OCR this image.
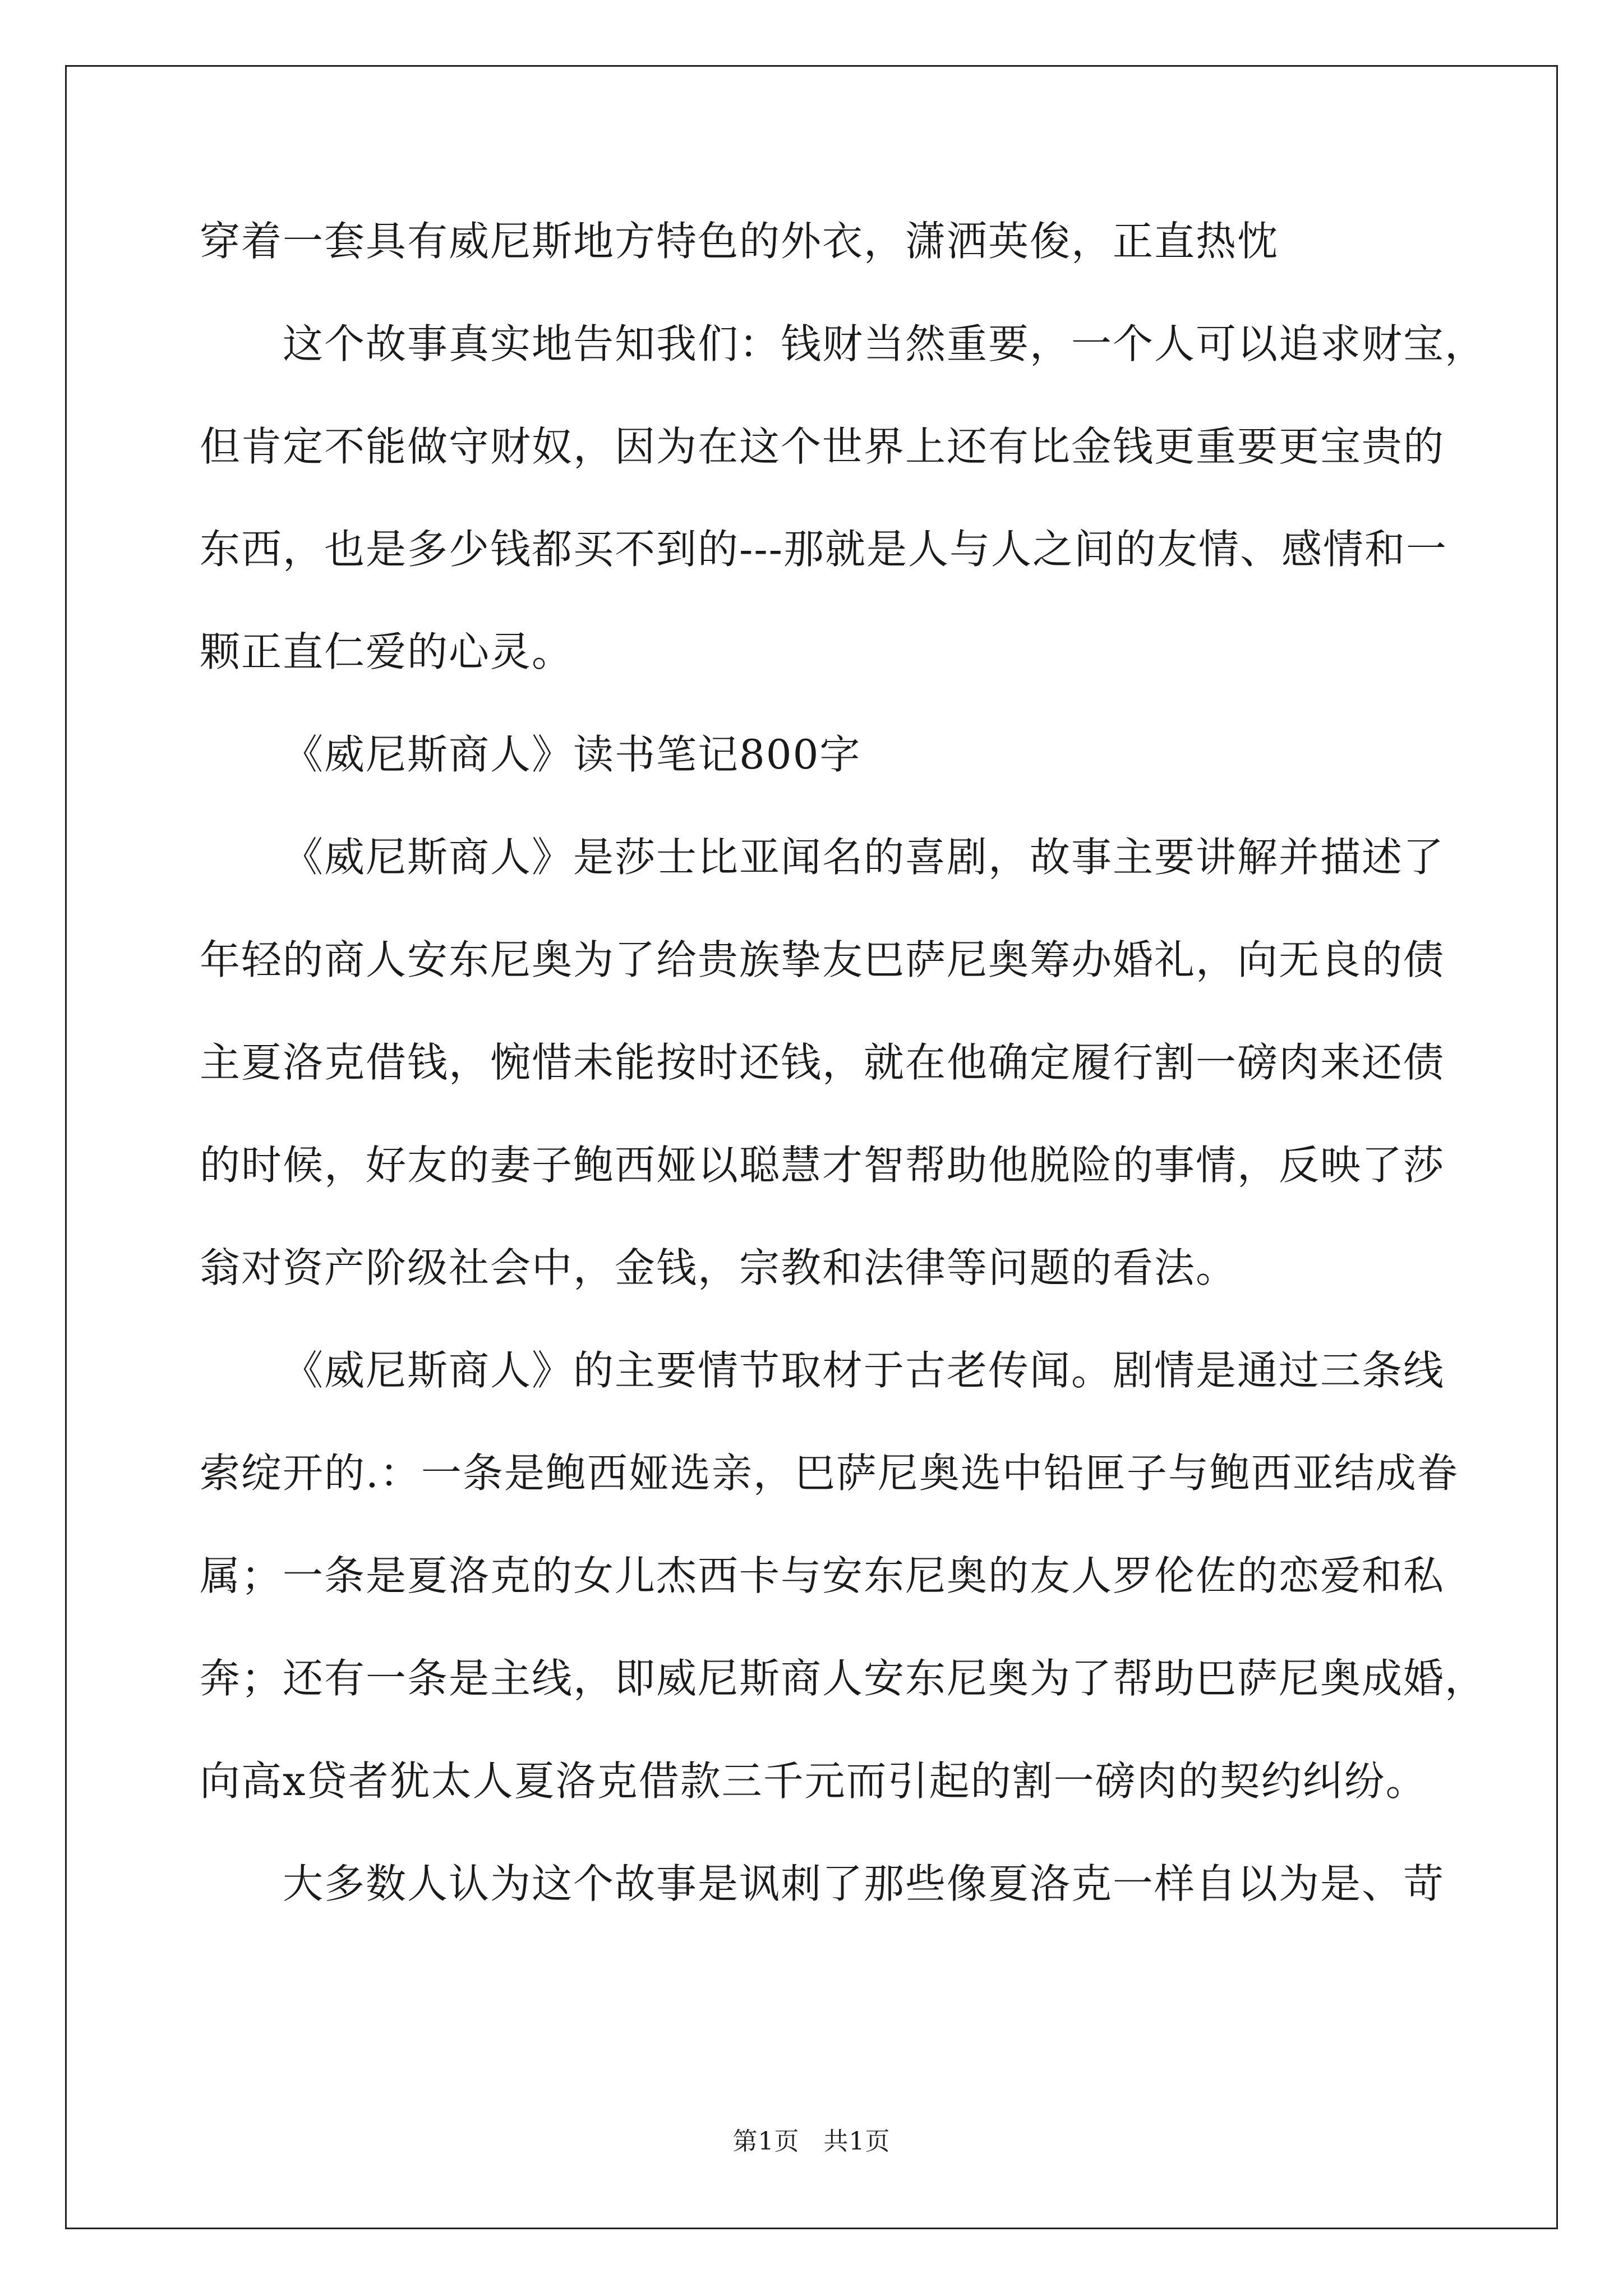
穿着一套具有威尼斯地方特色的外衣，潇洒英俊，正直热忱
这个故事真实地告知我们：钱财当然重要，一个人可以追求财宝，
但肯定不能做守财奴，因为在这个世界上还有比金钱更重要更宝贵的
东西，也是多少钱都买不到的---那就是人与人之间的友情、感情和一
颗正直仁爱的心灵。
《威尼斯商人》读书笔记800字
《威尼斯商人》是莎士比亚闻名的喜剧，故事主要讲解并描述了
年轻的商人安东尼奥为了给贵族挚友巴萨尼奥筹办婚礼，向无良的债
主夏洛克借钱，惋惜未能按时还钱，就在他确定履行割一磅肉来还债
的时候，好友的妻子鲍西娅以聪慧才智帮助他脱险的事情，反映了莎
翁对资产阶级社会中，金钱，宗教和法律等问题的看法。
《威尼斯商人》的主要情节取材于古老传闻。剧情是通过三条线
索绽开的.：一条是鲍西娅选亲，巴萨尼奥选中铅匣子与鲍西亚结成眷
属；一条是夏洛克的女儿杰西卡与安东尼奥的友人罗伦佐的恋爱和私
奔；还有一条是主线，即威尼斯商人安东尼奥为了帮助巴萨尼奥成婚，
向高x贷者犹太人夏洛克借款三千元而引起的割一磅肉的契约纠纷。
大多数人认为这个故事是讽刺了那些像夏洛克一样自以为是、苛
第1页 共1页
